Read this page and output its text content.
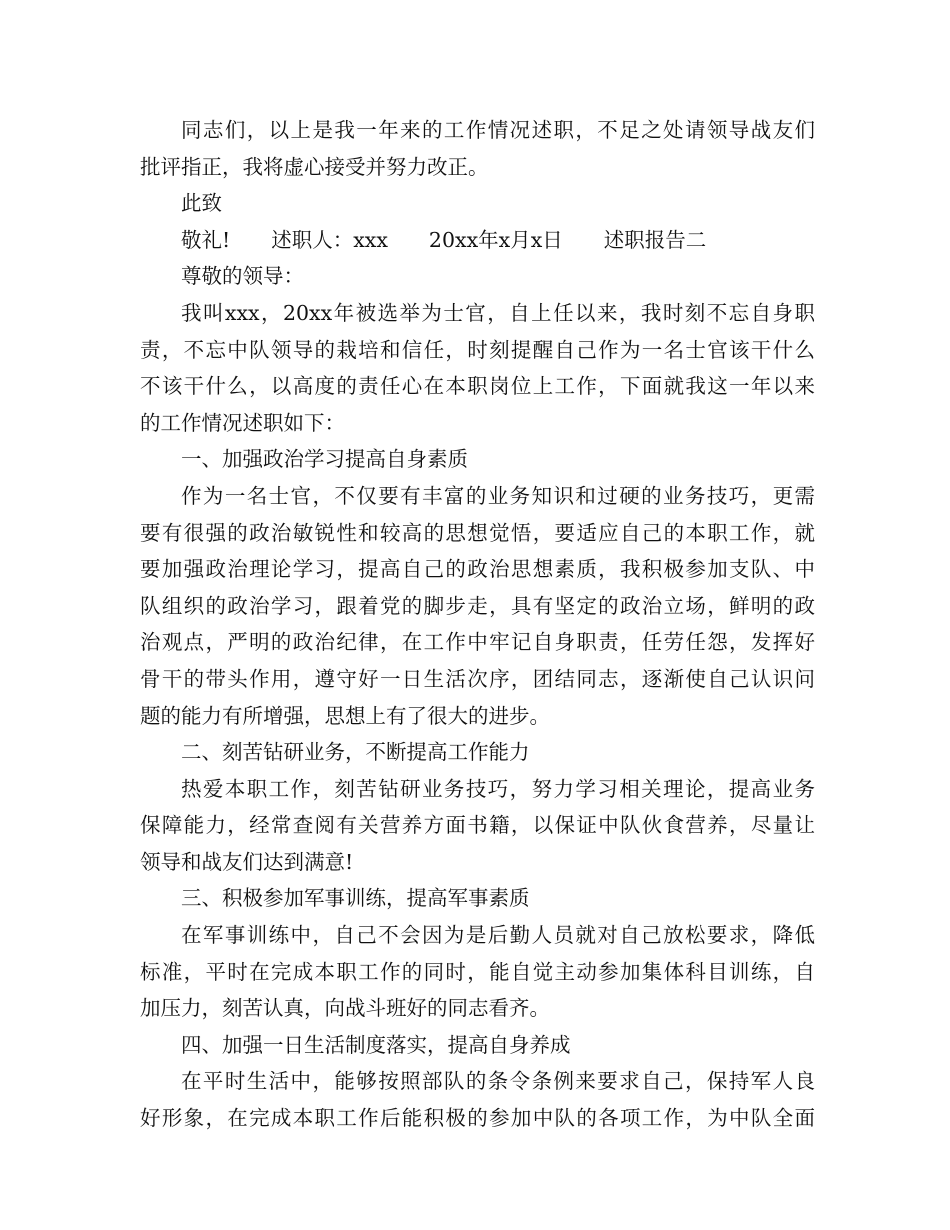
同志们，以上是我一年来的工作情况述职，不足之处请领导战友们
批评指正，我将虚心接受并努力改正。
此致
敬礼!　　述职人：xxx　　20xx年x月x日　　述职报告二
尊敬的领导：
我叫xxx，20xx年被选举为士官，自上任以来，我时刻不忘自身职
责，不忘中队领导的栽培和信任，时刻提醒自己作为一名士官该干什么
不该干什么，以高度的责任心在本职岗位上工作，下面就我这一年以来
的工作情况述职如下：
一、加强政治学习提高自身素质
作为一名士官，不仅要有丰富的业务知识和过硬的业务技巧，更需
要有很强的政治敏锐性和较高的思想觉悟，要适应自己的本职工作，就
要加强政治理论学习，提高自己的政治思想素质，我积极参加支队、中
队组织的政治学习，跟着党的脚步走，具有坚定的政治立场，鲜明的政
治观点，严明的政治纪律，在工作中牢记自身职责，任劳任怨，发挥好
骨干的带头作用，遵守好一日生活次序，团结同志，逐渐使自己认识问
题的能力有所增强，思想上有了很大的进步。
二、刻苦钻研业务，不断提高工作能力
热爱本职工作，刻苦钻研业务技巧，努力学习相关理论，提高业务
保障能力，经常查阅有关营养方面书籍，以保证中队伙食营养，尽量让
领导和战友们达到满意!
三、积极参加军事训练，提高军事素质
在军事训练中，自己不会因为是后勤人员就对自己放松要求，降低
标准，平时在完成本职工作的同时，能自觉主动参加集体科目训练，自
加压力，刻苦认真，向战斗班好的同志看齐。
四、加强一日生活制度落实，提高自身养成
在平时生活中，能够按照部队的条令条例来要求自己，保持军人良
好形象，在完成本职工作后能积极的参加中队的各项工作，为中队全面
